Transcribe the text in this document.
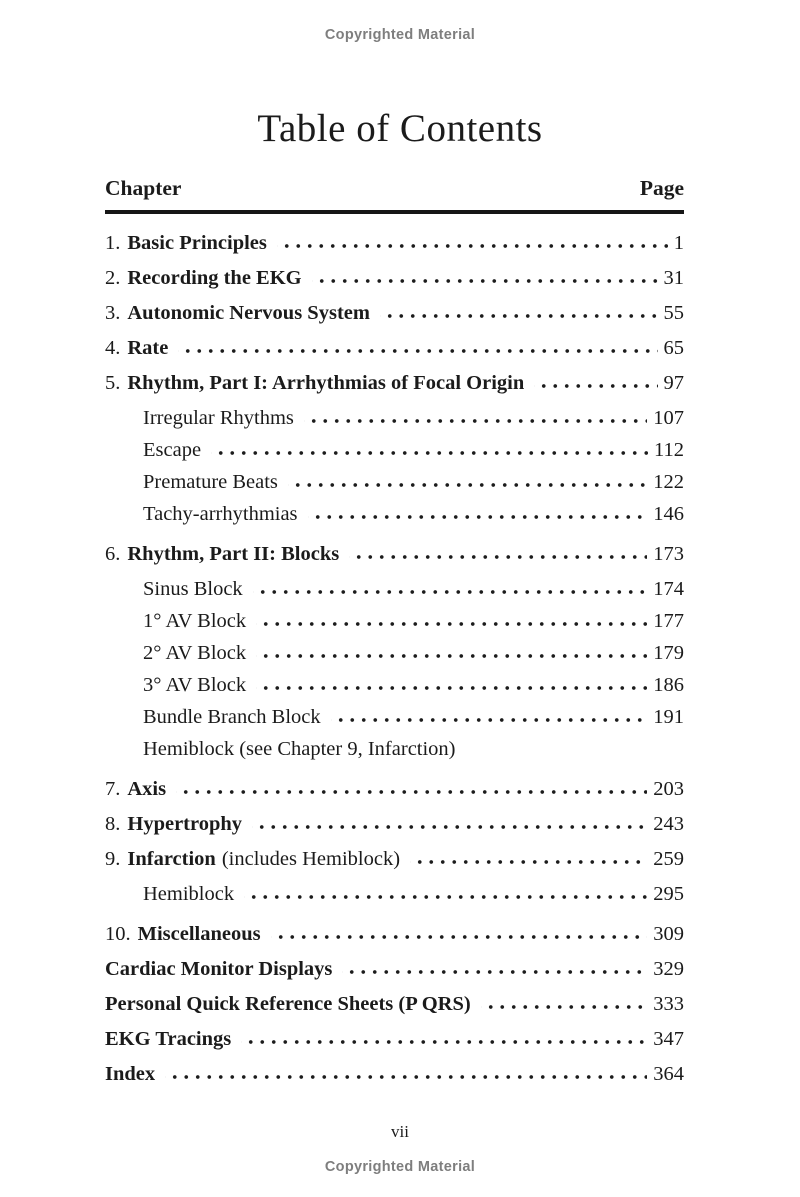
Copyrighted Material
Table of Contents
Chapter	Page
1. Basic Principles	1
2. Recording the EKG	31
3. Autonomic Nervous System	55
4. Rate	65
5. Rhythm, Part I: Arrhythmias of Focal Origin	97
Irregular Rhythms	107
Escape	112
Premature Beats	122
Tachy-arrhythmias	146
6. Rhythm, Part II: Blocks	173
Sinus Block	174
1° AV Block	177
2° AV Block	179
3° AV Block	186
Bundle Branch Block	191
Hemiblock (see Chapter 9, Infarction)
7. Axis	203
8. Hypertrophy	243
9. Infarction (includes Hemiblock)	259
Hemiblock	295
10. Miscellaneous	309
Cardiac Monitor Displays	329
Personal Quick Reference Sheets (P QRS)	333
EKG Tracings	347
Index	364
vii
Copyrighted Material
